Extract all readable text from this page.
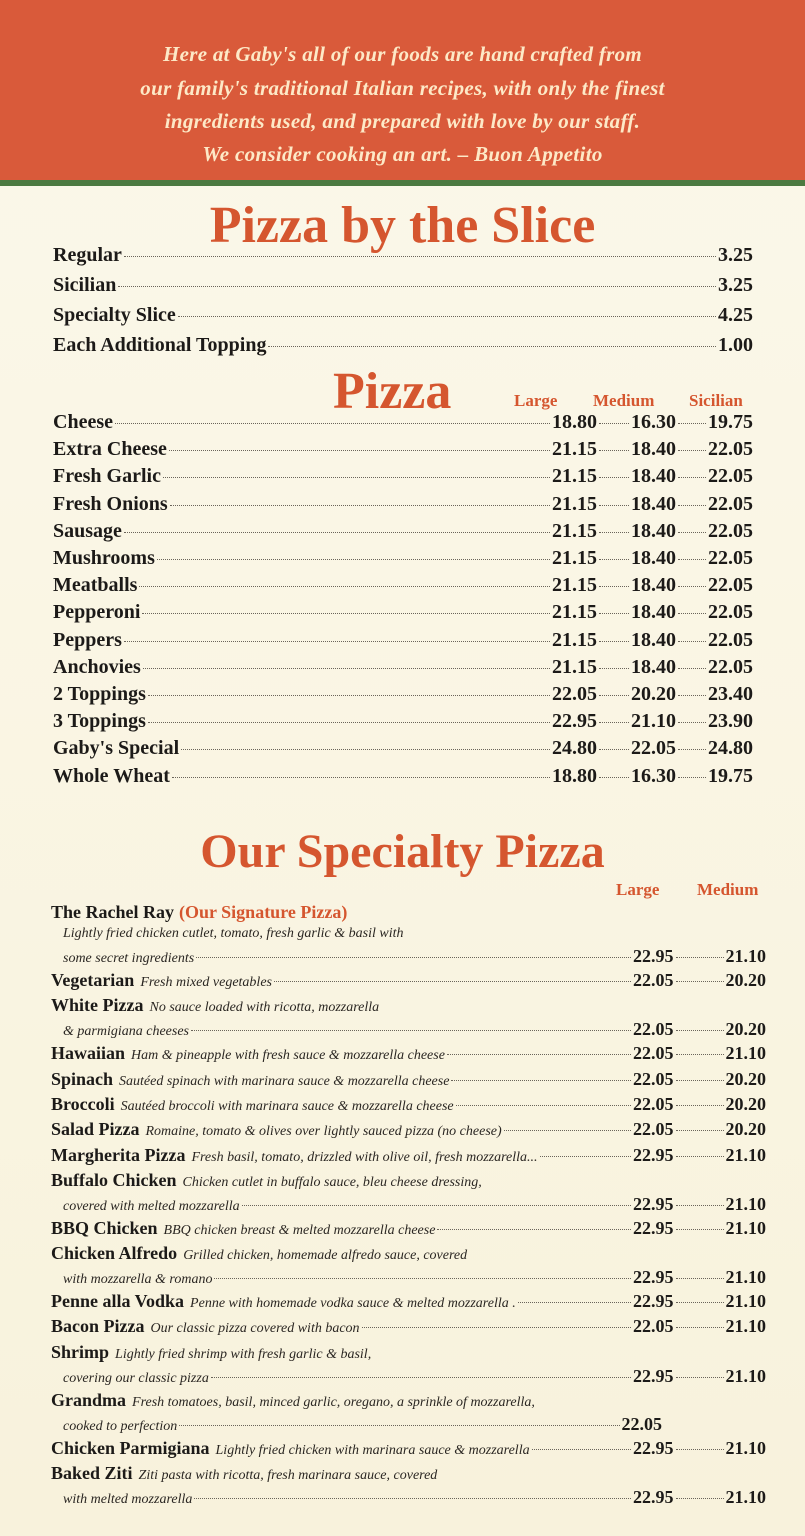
Here at Gaby's all of our foods are hand crafted from
our family's traditional Italian recipes, with only the finest
ingredients used, and prepared with love by our staff.
We consider cooking an art. – Buon Appetito
Pizza by the Slice
Regular	3.25
Sicilian	3.25
Specialty Slice	4.25
Each Additional Topping	1.00
Pizza	Large Medium Sicilian
Cheese	18.80 16.30 19.75
Extra Cheese	21.15 18.40 22.05
Fresh Garlic	21.15 18.40 22.05
Fresh Onions	21.15 18.40 22.05
Sausage	21.15 18.40 22.05
Mushrooms	21.15 18.40 22.05
Meatballs	21.15 18.40 22.05
Pepperoni	21.15 18.40 22.05
Peppers	21.15 18.40 22.05
Anchovies	21.15 18.40 22.05
2 Toppings	22.05 20.20 23.40
3 Toppings	22.95 21.10 23.90
Gaby's Special	24.80 22.05 24.80
Whole Wheat	18.80 16.30 19.75
Our Specialty Pizza
Large Medium
The Rachel Ray (Our Signature Pizza)
Lightly fried chicken cutlet, tomato, fresh garlic & basil with
some secret ingredients	22.95	21.10
Vegetarian Fresh mixed vegetables	22.05	20.20
White Pizza No sauce loaded with ricotta, mozzarella
& parmigiana cheeses	22.05	20.20
Hawaiian Ham & pineapple with fresh sauce & mozzarella cheese	22.05	21.10
Spinach Sautéed spinach with marinara sauce & mozzarella cheese	22.05	20.20
Broccoli Sautéed broccoli with marinara sauce & mozzarella cheese	22.05	20.20
Salad Pizza Romaine, tomato & olives over lightly sauced pizza (no cheese)	22.05	20.20
Margherita Pizza Fresh basil, tomato, drizzled with olive oil, fresh mozzarella...	22.95	21.10
Buffalo Chicken Chicken cutlet in buffalo sauce, bleu cheese dressing,
covered with melted mozzarella	22.95	21.10
BBQ Chicken BBQ chicken breast & melted mozzarella cheese	22.95	21.10
Chicken Alfredo Grilled chicken, homemade alfredo sauce, covered
with mozzarella & romano	22.95	21.10
Penne alla Vodka Penne with homemade vodka sauce & melted mozzarella .	22.95	21.10
Bacon Pizza Our classic pizza covered with bacon	22.05	21.10
Shrimp Lightly fried shrimp with fresh garlic & basil,
covering our classic pizza	22.95	21.10
Grandma Fresh tomatoes, basil, minced garlic, oregano, a sprinkle of mozzarella,
cooked to perfection	22.05
Chicken Parmigiana Lightly fried chicken with marinara sauce & mozzarella	22.95	21.10
Baked Ziti Ziti pasta with ricotta, fresh marinara sauce, covered
with melted mozzarella	22.95	21.10
